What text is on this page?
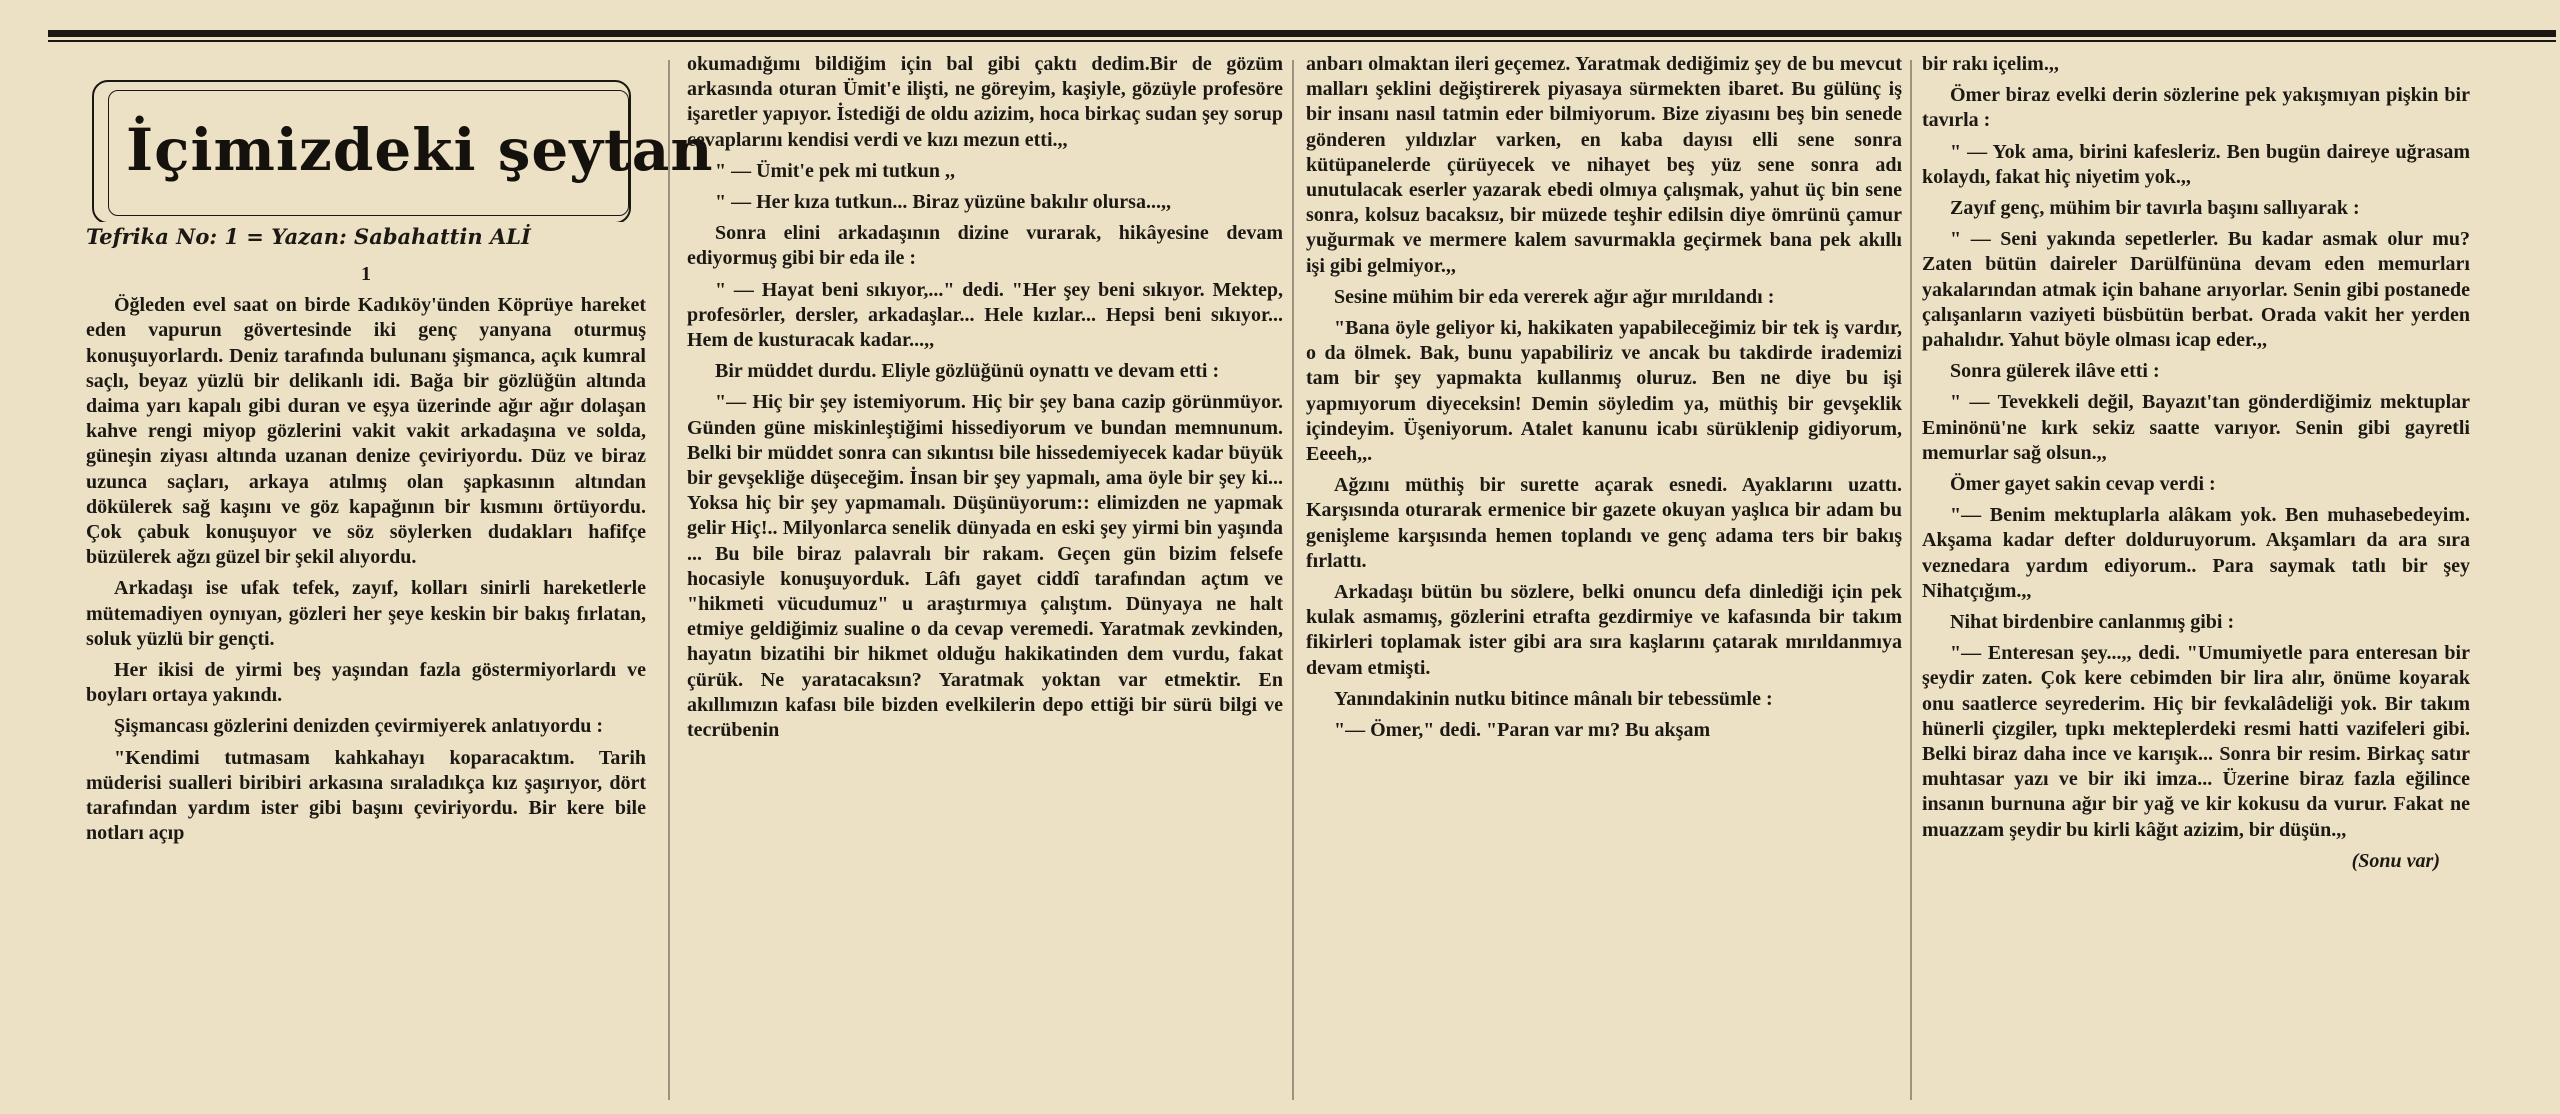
İçimizdeki şeytan
Tefrika No: 1 = Yazan: Sabahattin ALİ
1

Öğleden evel saat on birde Kadıköy'ünden Köprüye hareket eden vapurun gövertesinde iki genç yanyana oturmuş konuşuyorlardı. Deniz tarafında bulunanı şişmanca, açık kumral saçlı, beyaz yüzlü bir delikanlı idi. Bağa bir gözlüğün altında daima yarı kapalı gibi duran ve eşya üzerinde ağır ağır dolaşan kahve rengi miyop gözlerini vakit vakit arkadaşına ve solda, güneşin ziyası altında uzanan denize çeviriyordu. Düz ve biraz uzunca saçları, arkaya atılmış olan şapkasının altından dökülerek sağ kaşını ve göz kapağının bir kısmını örtüyordu. Çok çabuk konuşuyor ve söz söylerken dudakları hafifçe büzülerek ağzı güzel bir şekil alıyordu.

Arkadaşı ise ufak tefek, zayıf, kolları sinirli hareketlerle mütemadiyen oynıyan, gözleri her şeye keskin bir bakış fırlatan, soluk yüzlü bir gençti.

Her ikisi de yirmi beş yaşından fazla göstermiyorlardı ve boyları ortaya yakındı.

Şişmancası gözlerini denizden çevirmiyerek anlatıyordu :

"Kendimi tutmasam kahkahayı koparacaktım. Tarih müderisi sualleri biribiri arkasına sıraladıkça kız şaşırıyor, dört tarafından yardım ister gibi başını çeviriyordu. Bir kere bile notları açıp

okumadığımı bildiğim için bal gibi çaktı dedim.Bir de gözüm arkasında oturan Ümit'e ilişti, ne göreyim, kaşiyle, gözüyle profesöre işaretler yapıyor. İstediği de oldu azizim, hoca birkaç sudan şey sorup cevaplarını kendisi verdi ve kızı mezun etti.,,

" — Ümit'e pek mi tutkun ,,

" — Her kıza tutkun... Biraz yüzüne bakılır olursa...,,

Sonra elini arkadaşının dizine vurarak, hikâyesine devam ediyormuş gibi bir eda ile :

" — Hayat beni sıkıyor,..." dedi. "Her şey beni sıkıyor. Mektep, profesörler, dersler, arkadaşlar... Hele kızlar... Hepsi beni sıkıyor... Hem de kusturacak kadar...,,

Bir müddet durdu. Eliyle gözlüğünü oynattı ve devam etti :

"— Hiç bir şey istemiyorum. Hiç bir şey bana cazip görünmüyor. Günden güne miskinleştiğimi hissediyorum ve bundan memnunum. Belki bir müddet sonra can sıkıntısı bile hissedemiyecek kadar büyük bir gevşekliğe düşeceğim. İnsan bir şey yapmalı, ama öyle bir şey ki... Yoksa hiç bir şey yapmamalı. Düşünüyorum:: elimizden ne yapmak gelir Hiç!.. Milyonlarca senelik dünyada en eski şey yirmi bin yaşında ... Bu bile biraz palavralı bir rakam. Geçen gün bizim felsefe hocasiyle konuşuyorduk. Lâfı gayet ciddî tarafından açtım ve "hikmeti vücudumuz" u araştırmıya çalıştım. Dünyaya ne halt etmiye geldiğimiz sualine o da cevap veremedi. Yaratmak zevkinden, hayatın bizatihi bir hikmet olduğu hakikatinden dem vurdu, fakat çürük. Ne yaratacaksın? Yaratmak yoktan var etmektir. En akıllımızın kafası bile bizden evelkilerin depo ettiği bir sürü bilgi ve tecrübenin

anbarı olmaktan ileri geçemez. Yaratmak dediğimiz şey de bu mevcut malları şeklini değiştirerek piyasaya sürmekten ibaret. Bu gülünç iş bir insanı nasıl tatmin eder bilmiyorum. Bize ziyasını beş bin senede gönderen yıldızlar varken, en kaba dayısı elli sene sonra kütüpanelerde çürüyecek ve nihayet beş yüz sene sonra adı unutulacak eserler yazarak ebedi olmıya çalışmak, yahut üç bin sene sonra, kolsuz bacaksız, bir müzede teşhir edilsin diye ömrünü çamur yuğurmak ve mermere kalem savurmakla geçirmek bana pek akıllı işi gibi gelmiyor.,,

Sesine mühim bir eda vererek ağır ağır mırıldandı :

"Bana öyle geliyor ki, hakikaten yapabileceğimiz bir tek iş vardır, o da ölmek. Bak, bunu yapabiliriz ve ancak bu takdirde irademizi tam bir şey yapmakta kullanmış oluruz. Ben ne diye bu işi yapmıyorum diyeceksin! Demin söyledim ya, müthiş bir gevşeklik içindeyim. Üşeniyorum. Atalet kanunu icabı sürüklenip gidiyorum, Eeeeh,,.

Ağzını müthiş bir surette açarak esnedi. Ayaklarını uzattı. Karşısında oturarak ermenice bir gazete okuyan yaşlıca bir adam bu genişleme karşısında hemen toplandı ve genç adama ters bir bakış fırlattı.

Arkadaşı bütün bu sözlere, belki onuncu defa dinlediği için pek kulak asmamış, gözlerini etrafta gezdirmiye ve kafasında bir takım fikirleri toplamak ister gibi ara sıra kaşlarını çatarak mırıldanmıya devam etmişti.

Yanındakinin nutku bitince mânalı bir tebessümle :

"— Ömer," dedi. "Paran var mı? Bu akşam

bir rakı içelim.,,

Ömer biraz evelki derin sözlerine pek yakışmıyan pişkin bir tavırla :

" — Yok ama, birini kafesleriz. Ben bugün daireye uğrasam kolaydı, fakat hiç niyetim yok.,,

Zayıf genç, mühim bir tavırla başını sallıyarak :

" — Seni yakında sepetlerler. Bu kadar asmak olur mu? Zaten bütün daireler Darülfününa devam eden memurları yakalarından atmak için bahane arıyorlar. Senin gibi postanede çalışanların vaziyeti büsbütün berbat. Orada vakit her yerden pahalıdır. Yahut böyle olması icap eder.,,

Sonra gülerek ilâve etti :

" — Tevekkeli değil, Bayazıt'tan gönderdiğimiz mektuplar Eminönü'ne kırk sekiz saatte varıyor. Senin gibi gayretli memurlar sağ olsun.,,

Ömer gayet sakin cevap verdi :

"— Benim mektuplarla alâkam yok. Ben muhasebedeyim. Akşama kadar defter dolduruyorum. Akşamları da ara sıra veznedara yardım ediyorum.. Para saymak tatlı bir şey Nihatçığım.,,

Nihat birdenbire canlanmış gibi :

"— Enteresan şey...,, dedi. "Umumiyetle para enteresan bir şeydir zaten. Çok kere cebimden bir lira alır, önüme koyarak onu saatlerce seyrederim. Hiç bir fevkalâdeliği yok. Bir takım hünerli çizgiler, tıpkı mekteplerdeki resmi hatti vazifeleri gibi. Belki biraz daha ince ve karışık... Sonra bir resim. Birkaç satır muhtasar yazı ve bir iki imza... Üzerine biraz fazla eğilince insanın burnuna ağır bir yağ ve kir kokusu da vurur. Fakat ne muazzam şeydir bu kirli kâğıt azizim, bir düşün.,,

(Sonu var)
